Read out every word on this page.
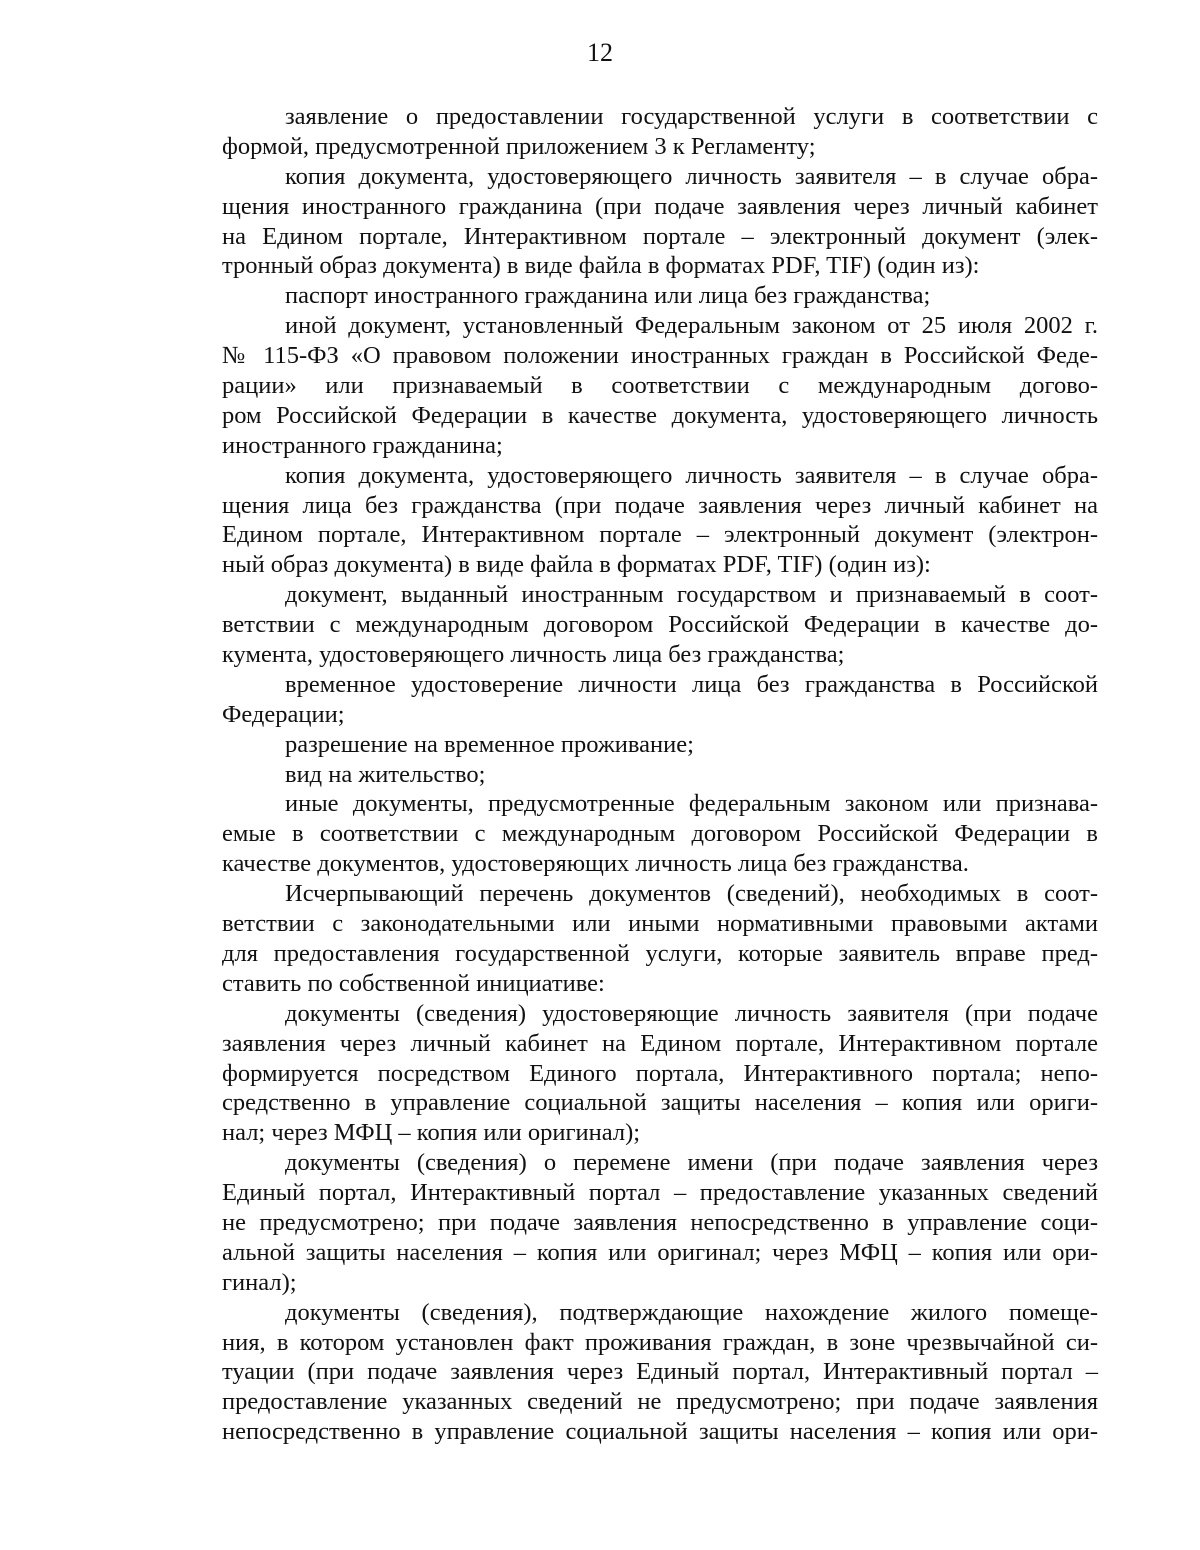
12
заявление о предоставлении государственной услуги в соответствии с
формой, предусмотренной приложением 3 к Регламенту;
копия документа, удостоверяющего личность заявителя – в случае обра-
щения иностранного гражданина (при подаче заявления через личный кабинет
на Едином портале, Интерактивном портале – электронный документ (элек-
тронный образ документа) в виде файла в форматах PDF, TIF) (один из):
паспорт иностранного гражданина или лица без гражданства;
иной документ, установленный Федеральным законом от 25 июля 2002 г.
№ 115-ФЗ «О правовом положении иностранных граждан в Российской Феде-
рации» или признаваемый в соответствии с международным догово-
ром Российской Федерации в качестве документа, удостоверяющего личность
иностранного гражданина;
копия документа, удостоверяющего личность заявителя – в случае обра-
щения лица без гражданства (при подаче заявления через личный кабинет на
Едином портале, Интерактивном портале – электронный документ (электрон-
ный образ документа) в виде файла в форматах PDF, TIF) (один из):
документ, выданный иностранным государством и признаваемый в соот-
ветствии с международным договором Российской Федерации в качестве до-
кумента, удостоверяющего личность лица без гражданства;
временное удостоверение личности лица без гражданства в Российской
Федерации;
разрешение на временное проживание;
вид на жительство;
иные документы, предусмотренные федеральным законом или признава-
емые в соответствии с международным договором Российской Федерации в
качестве документов, удостоверяющих личность лица без гражданства.
Исчерпывающий перечень документов (сведений), необходимых в соот-
ветствии с законодательными или иными нормативными правовыми актами
для предоставления государственной услуги, которые заявитель вправе пред-
ставить по собственной инициативе:
документы (сведения) удостоверяющие личность заявителя (при подаче
заявления через личный кабинет на Едином портале, Интерактивном портале
формируется посредством Единого портала, Интерактивного портала; непо-
средственно в управление социальной защиты населения – копия или ориги-
нал; через МФЦ – копия или оригинал);
документы (сведения) о перемене имени (при подаче заявления через
Единый портал, Интерактивный портал – предоставление указанных сведений
не предусмотрено; при подаче заявления непосредственно в управление соци-
альной защиты населения – копия или оригинал; через МФЦ – копия или ори-
гинал);
документы (сведения), подтверждающие нахождение жилого помеще-
ния, в котором установлен факт проживания граждан, в зоне чрезвычайной си-
туации (при подаче заявления через Единый портал, Интерактивный портал –
предоставление указанных сведений не предусмотрено; при подаче заявления
непосредственно в управление социальной защиты населения – копия или ори-
